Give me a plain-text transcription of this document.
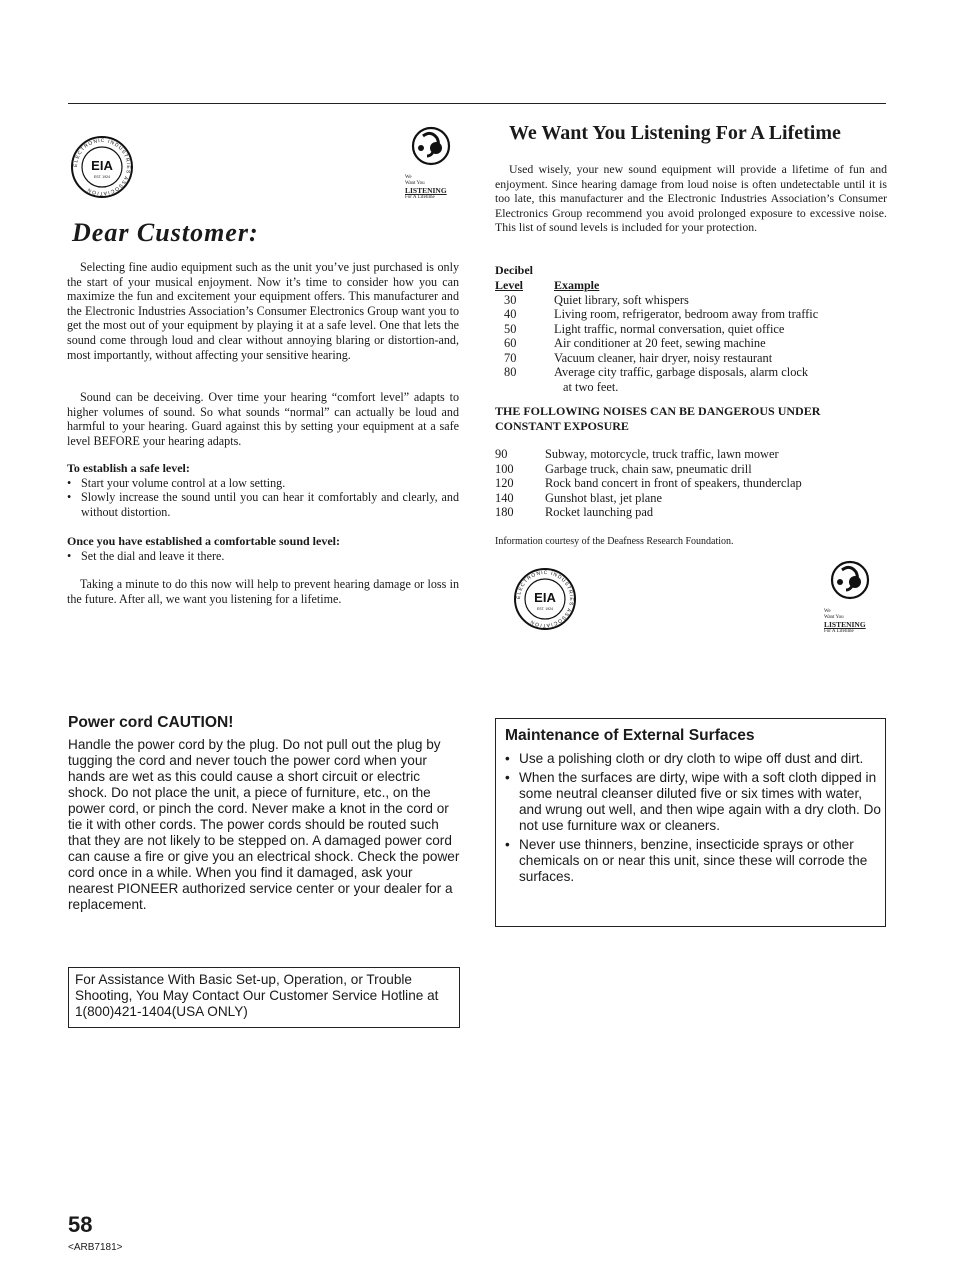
ELECTRONIC INDUSTRIES ASSOCIATION
EIA
EST. 1924	We
Want You
LISTENING
For A Lifetime
Dear Customer:

Selecting fine audio equipment such as the unit you’ve just purchased is only the start of your musical enjoyment. Now it’s time to consider how you can maximize the fun and excitement your equipment offers. This manufacturer and the Electronic Industries Association’s Consumer Electronics Group want you to get the most out of your equipment by playing it at a safe level. One that lets the sound come through loud and clear without annoying blaring or distortion-and, most importantly, without affecting your sensitive hearing.

Sound can be deceiving. Over time your hearing “comfort level” adapts to higher volumes of sound. So what sounds “normal” can actually be loud and harmful to your hearing. Guard against this by setting your equipment at a safe level BEFORE your hearing adapts.

To establish a safe level:
• Start your volume control at a low setting.
• Slowly increase the sound until you can hear it comfortably and clearly, and without distortion.
Once you have established a comfortable sound level:
• Set the dial and leave it there.

Taking a minute to do this now will help to prevent hearing damage or loss in the future. After all, we want you listening for a lifetime.

We Want You Listening For A Lifetime

Used wisely, your new sound equipment will provide a lifetime of fun and enjoyment. Since hearing damage from loud noise is often undetectable until it is too late, this manufacturer and the Electronic Industries Association’s Consumer Electronics Group recommend you avoid prolonged exposure to excessive noise. This list of sound levels is included for your protection.

Decibel
Level	Example
30	Quiet library, soft whispers
40	Living room, refrigerator, bedroom away from traffic
50	Light traffic, normal conversation, quiet office
60	Air conditioner at 20 feet, sewing machine
70	Vacuum cleaner, hair dryer, noisy restaurant
80	Average city traffic, garbage disposals, alarm clock
	at two feet.
THE FOLLOWING NOISES CAN BE DANGEROUS UNDER CONSTANT EXPOSURE
90	Subway, motorcycle, truck traffic, lawn mower
100	Garbage truck, chain saw, pneumatic drill
120	Rock band concert in front of speakers, thunderclap
140	Gunshot blast, jet plane
180	Rocket launching pad
Information courtesy of the Deafness Research Foundation.
ELECTRONIC INDUSTRIES ASSOCIATION
EIA
EST. 1924	We
Want You
LISTENING
For A Lifetime
Power cord CAUTION!
Handle the power cord by the plug. Do not pull out the plug by tugging the cord and never touch the power cord when your hands are wet as this could cause a short circuit or electric shock. Do not place the unit, a piece of furniture, etc., on the power cord, or pinch the cord. Never make a knot in the cord or tie it with other cords. The power cords should be routed such that they are not likely to be stepped on. A damaged power cord can cause a fire or give you an electrical shock. Check the power cord once in a while. When you find it damaged, ask your nearest PIONEER authorized service center or your dealer for a replacement.
Maintenance of External Surfaces
• Use a polishing cloth or dry cloth to wipe off dust and dirt.
• When the surfaces are dirty, wipe with a soft cloth dipped in some neutral cleanser diluted five or six times with water, and wrung out well, and then wipe again with a dry cloth. Do not use furniture wax or cleaners.
• Never use thinners, benzine, insecticide sprays or other chemicals on or near this unit, since these will corrode the surfaces.
For Assistance With Basic Set-up, Operation, or Trouble Shooting, You May Contact Our Customer Service Hotline at 1(800)421-1404(USA ONLY)
58
<ARB7181>
